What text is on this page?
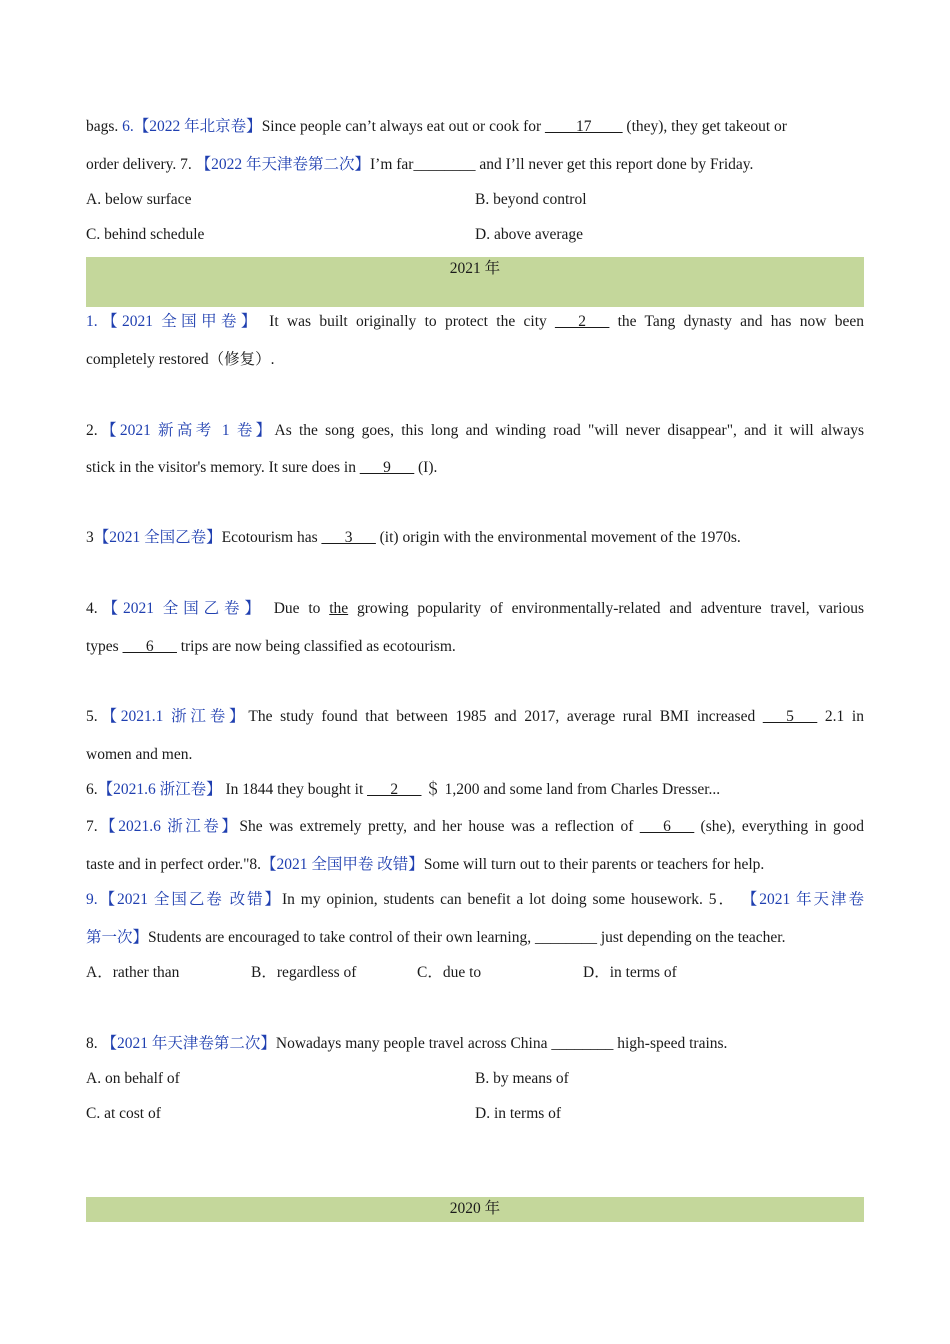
bags. 6.【2022 年北京卷】Since people can’t always eat out or cook for ____17____ (they), they get takeout or
order delivery. 7. 【2022 年天津卷第二次】I’m far________ and I’ll never get this report done by Friday.
A. below surface	B. beyond control
C. behind schedule	D. above average
2021 年
1.【2021 全国甲卷】 It was built originally to protect the city ___2___ the Tang dynasty and has now been
completely restored（修复）.
2.【2021 新高考 1 卷】As the song goes, this long and winding road "will never disappear", and it will always
stick in the visitor's memory. It sure does in ___9___ (I).
3【2021 全国乙卷】Ecotourism has ___3___ (it) origin with the environmental movement of the 1970s.
4.【2021 全国乙卷】 Due to the growing popularity of environmentally-related and adventure travel, various
types ___6___ trips are now being classified as ecotourism.
5.【2021.1 浙江卷】The study found that between 1985 and 2017, average rural BMI increased ___5___ 2.1 in
women and men.
6.【2021.6 浙江卷】 In 1844 they bought it ___2___ ＄ 1,200 and some land from Charles Dresser...
7.【2021.6 浙江卷】She was extremely pretty, and her house was a reflection of ___6___ (she), everything in good
taste and in perfect order."8.【2021 全国甲卷 改错】Some will turn out to their parents or teachers for help.
9.【2021 全国乙卷 改错】In my opinion, students can benefit a lot doing some housework. 5． 【2021 年天津卷
第一次】Students are encouraged to take control of their own learning, ________ just depending on the teacher.
A．rather than	B．regardless of	C．due to	D．in terms of
8. 【2021 年天津卷第二次】Nowadays many people travel across China ________ high-speed trains.
A. on behalf of	B. by means of
C. at cost of	D. in terms of
2020 年
